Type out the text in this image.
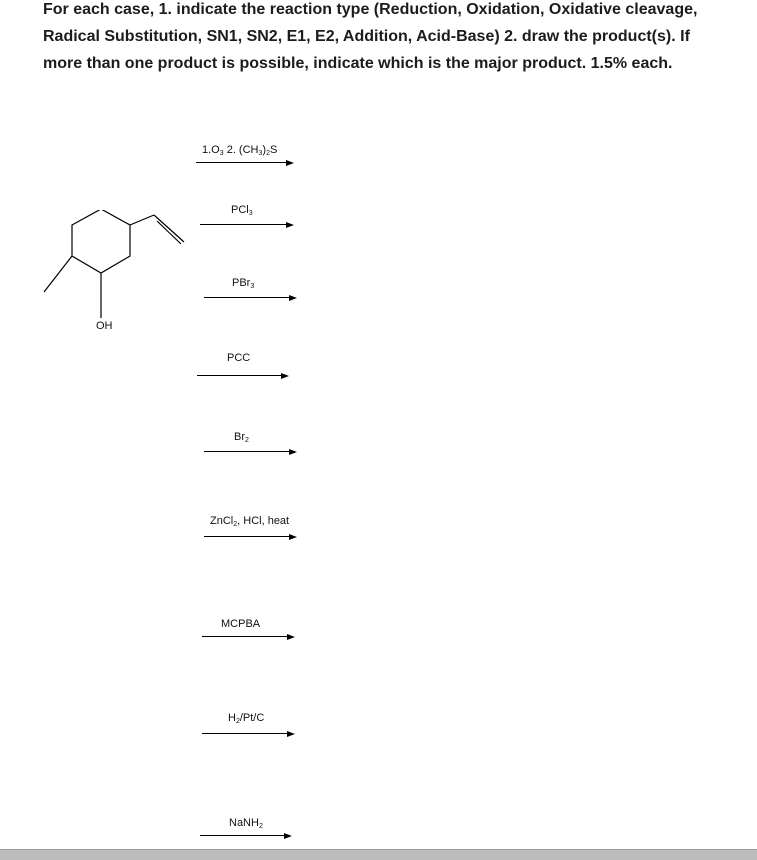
For each case, 1. indicate the reaction type (Reduction, Oxidation, Oxidative cleavage, Radical Substitution, SN1, SN2, E1, E2, Addition, Acid-Base) 2. draw the product(s). If more than one product is possible, indicate which is the major product. 1.5% each.
OH
$1.O_3$ 2. $(CH_3)_2S$
PCl$_3$
PBr$_3$
PCC
$Br_2$
ZnCl$_2$, HCl, heat
MCPBA
$H_2/Pt/C$
NaNH$_2$
